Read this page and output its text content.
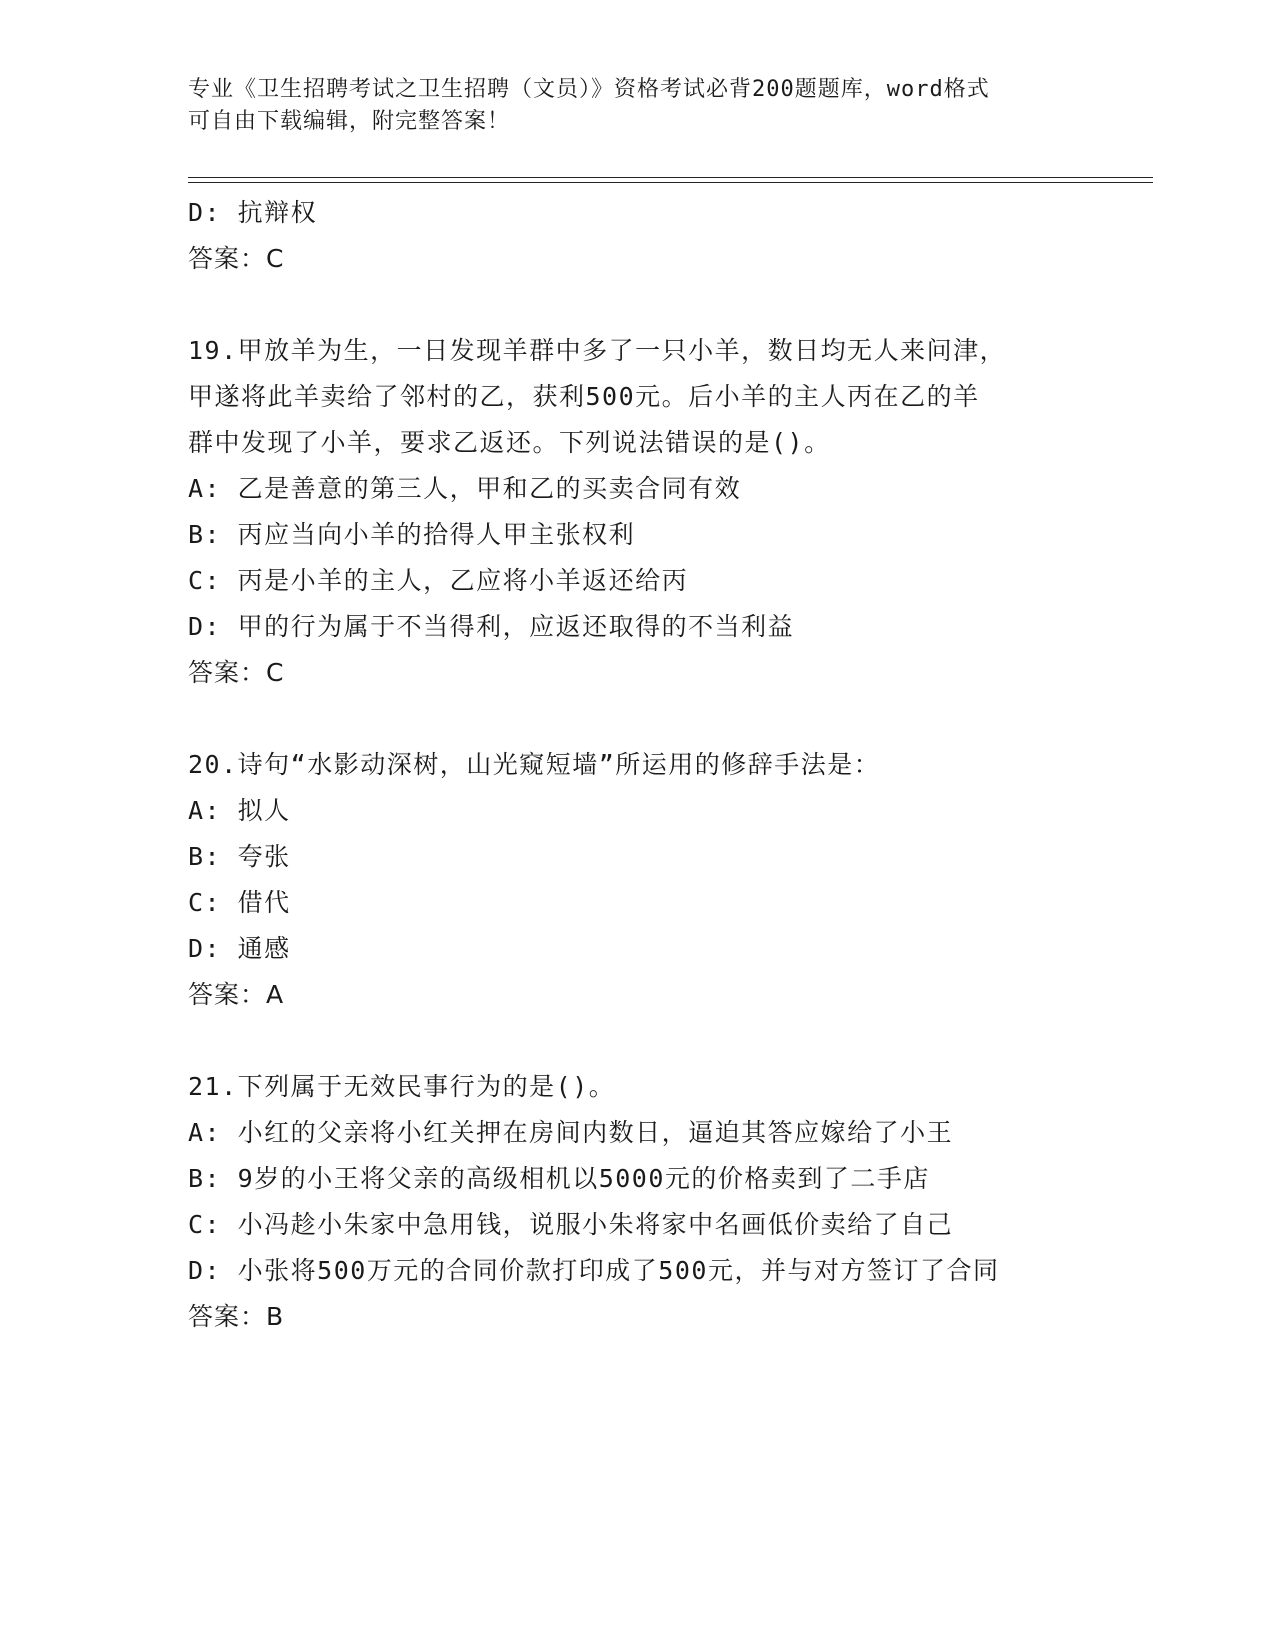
专业《卫生招聘考试之卫生招聘（文员）》资格考试必背200题题库，word格式
可自由下载编辑，附完整答案！
D: 抗辩权
答案：C
19.甲放羊为生，一日发现羊群中多了一只小羊，数日均无人来问津，
甲遂将此羊卖给了邻村的乙，获利500元。后小羊的主人丙在乙的羊
群中发现了小羊，要求乙返还。下列说法错误的是()。
A: 乙是善意的第三人，甲和乙的买卖合同有效
B: 丙应当向小羊的拾得人甲主张权利
C: 丙是小羊的主人，乙应将小羊返还给丙
D: 甲的行为属于不当得利，应返还取得的不当利益
答案：C
20.诗句“水影动深树，山光窥短墙”所运用的修辞手法是：
A: 拟人
B: 夸张
C: 借代
D: 通感
答案：A
21.下列属于无效民事行为的是()。
A: 小红的父亲将小红关押在房间内数日，逼迫其答应嫁给了小王
B: 9岁的小王将父亲的高级相机以5000元的价格卖到了二手店
C: 小冯趁小朱家中急用钱，说服小朱将家中名画低价卖给了自己
D: 小张将500万元的合同价款打印成了500元，并与对方签订了合同
答案：B
